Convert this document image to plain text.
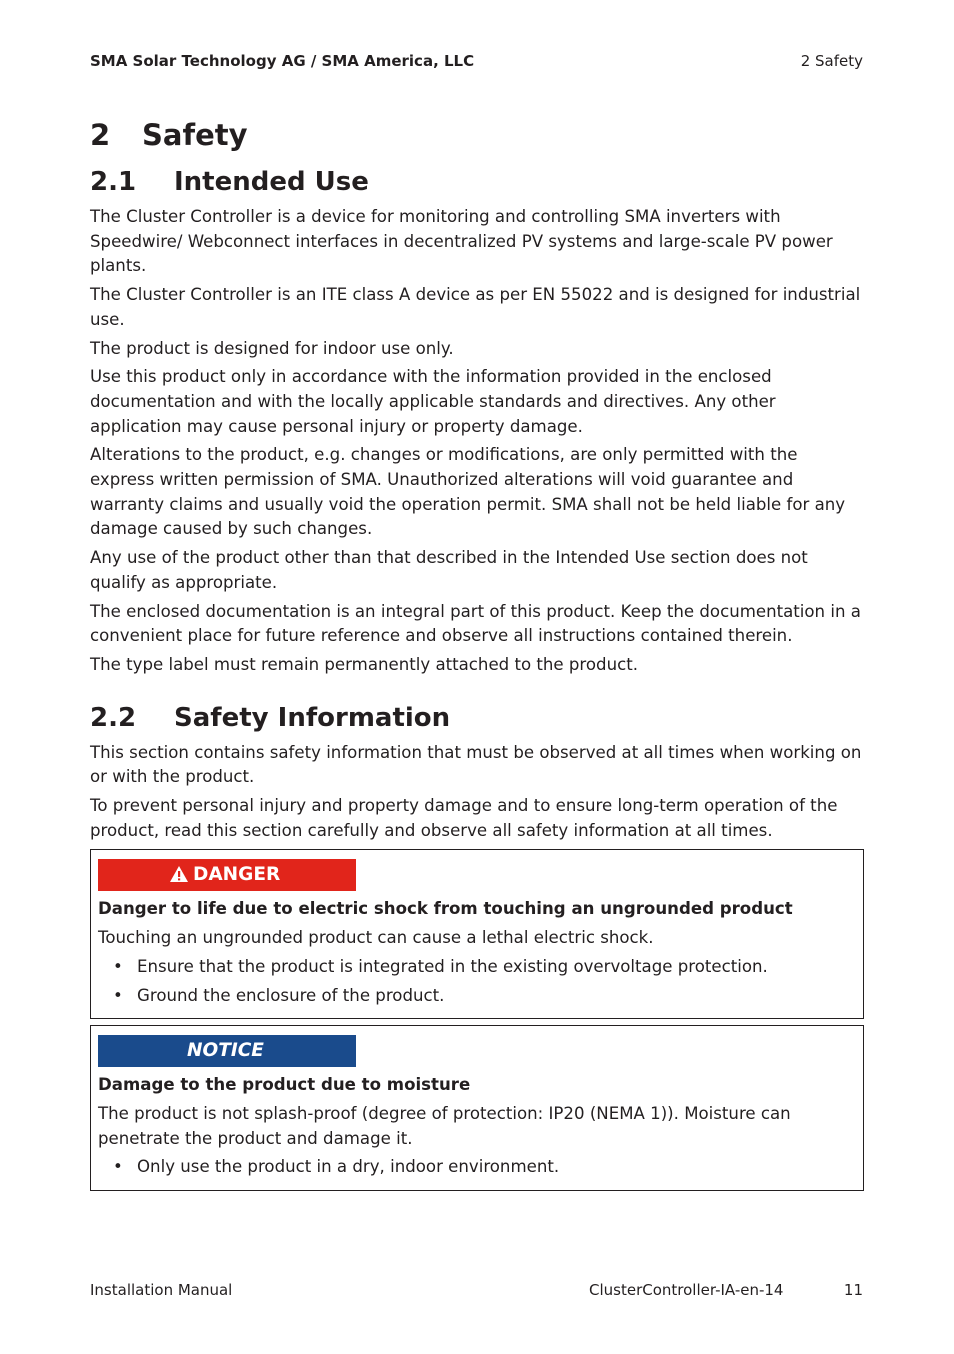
SMA Solar Technology AG / SMA America, LLC	2 Safety
2 Safety
2.1 Intended Use

The Cluster Controller is a device for monitoring and controlling SMA inverters with Speedwire/ Webconnect interfaces in decentralized PV systems and large-scale PV power plants.

The Cluster Controller is an ITE class A device as per EN 55022 and is designed for industrial use.

The product is designed for indoor use only.

Use this product only in accordance with the information provided in the enclosed documentation and with the locally applicable standards and directives. Any other application may cause personal injury or property damage.

Alterations to the product, e.g. changes or modifications, are only permitted with the express written permission of SMA. Unauthorized alterations will void guarantee and warranty claims and usually void the operation permit. SMA shall not be held liable for any damage caused by such changes.

Any use of the product other than that described in the Intended Use section does not qualify as appropriate.

The enclosed documentation is an integral part of this product. Keep the documentation in a convenient place for future reference and observe all instructions contained therein.

The type label must remain permanently attached to the product.

2.2 Safety Information

This section contains safety information that must be observed at all times when working on or with the product.

To prevent personal injury and property damage and to ensure long-term operation of the product, read this section carefully and observe all safety information at all times.

DANGER
Danger to life due to electric shock from touching an ungrounded product

Touching an ungrounded product can cause a lethal electric shock.

• Ensure that the product is integrated in the existing overvoltage protection.
• Ground the enclosure of the product.
NOTICE
Damage to the product due to moisture

The product is not splash-proof (degree of protection: IP20 (NEMA 1)). Moisture can penetrate the product and damage it.

• Only use the product in a dry, indoor environment.
Installation Manual	ClusterController-IA-en-14	11
